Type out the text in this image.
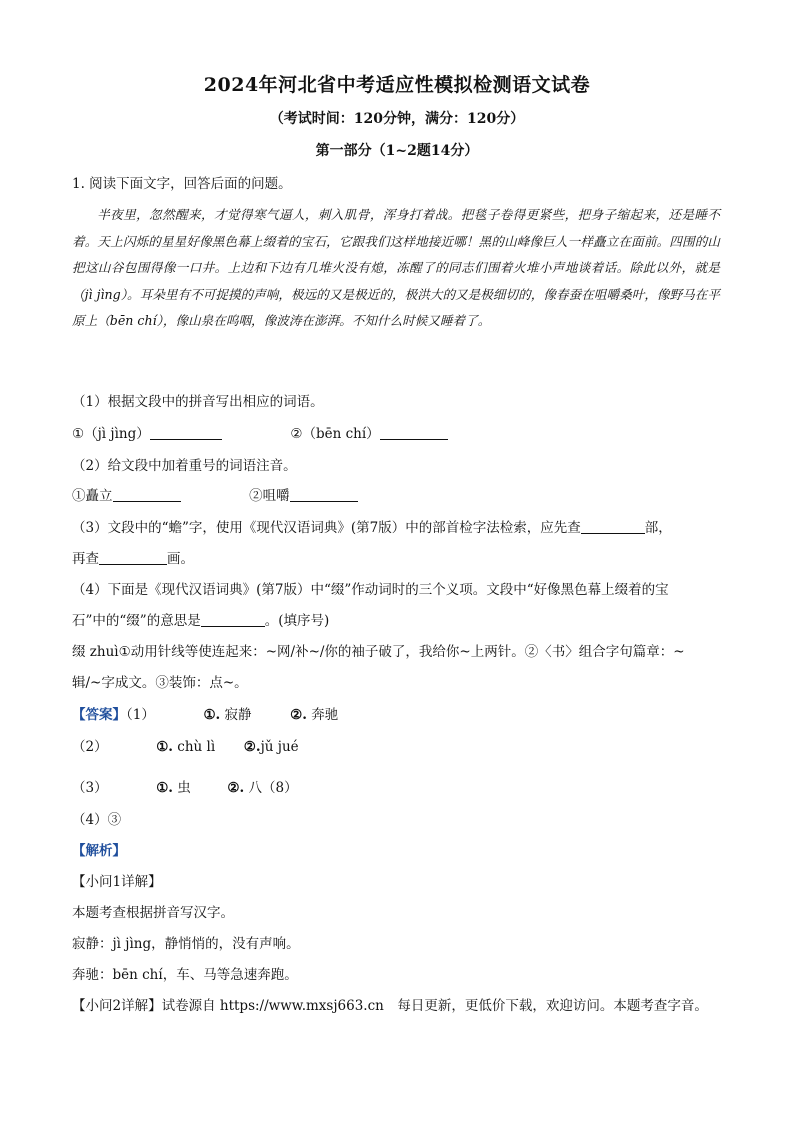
2024年河北省中考适应性模拟检测语文试卷
（考试时间：120分钟，满分：120分）
第一部分（1~2题14分）
1. 阅读下面文字，回答后面的问题。
半夜里，忽然醒来，才觉得寒气逼人，刺入肌骨，浑身打着战。把毯子卷得更紧些，把身子缩起来，还是睡不着。天上闪烁的星星好像黑色幕上缀着的宝石，它跟我们这样地接近哪！黑的山峰像巨人一样矗立在面前。四围的山把这山谷包围得像一口井。上边和下边有几堆火没有熄，冻醒了的同志们围着火堆小声地谈着话。除此以外，就是（jì jìng）。耳朵里有不可捉摸的声响，极远的又是极近的，极洪大的又是极细切的，像春蚕在咀嚼桑叶，像野马在平原上（bēn chí），像山泉在呜咽，像波涛在澎湃。不知什么时候又睡着了。
（1）根据文段中的拼音写出相应的词语。
①（jì jìng）	②（bēn chí）
（2）给文段中加着重号的词语注音。
①矗立	②咀嚼
（3）文段中的“蟾”字，使用《现代汉语词典》(第7版）中的部首检字法检索，应先查	部，
再查	画。
（4）下面是《现代汉语词典》(第7版）中“缀”作动词时的三个义项。文段中“好像黑色幕上缀着的宝
石”中的“缀”的意思是	。(填序号)
缀 zhuì①动用针线等使连起来：~网/补~/你的袖子破了，我给你~上两针。②〈书〉组合字句篇章：~
辑/~字成文。③装饰：点~。
【答案】（1）	①. 寂静	②. 奔驰
（2）	①. chù lì ②.jǔ jué
（3）	①. 虫	②. 八（8）
（4）③
【解析】
【小问1详解】
本题考查根据拼音写汉字。
寂静：jì jìng，静悄悄的，没有声响。
奔驰：bēn chí，车、马等急速奔跑。
【小问2详解】试卷源自 https://www.mxsj663.cn　每日更新，更低价下载，欢迎访问。本题考查字音。
